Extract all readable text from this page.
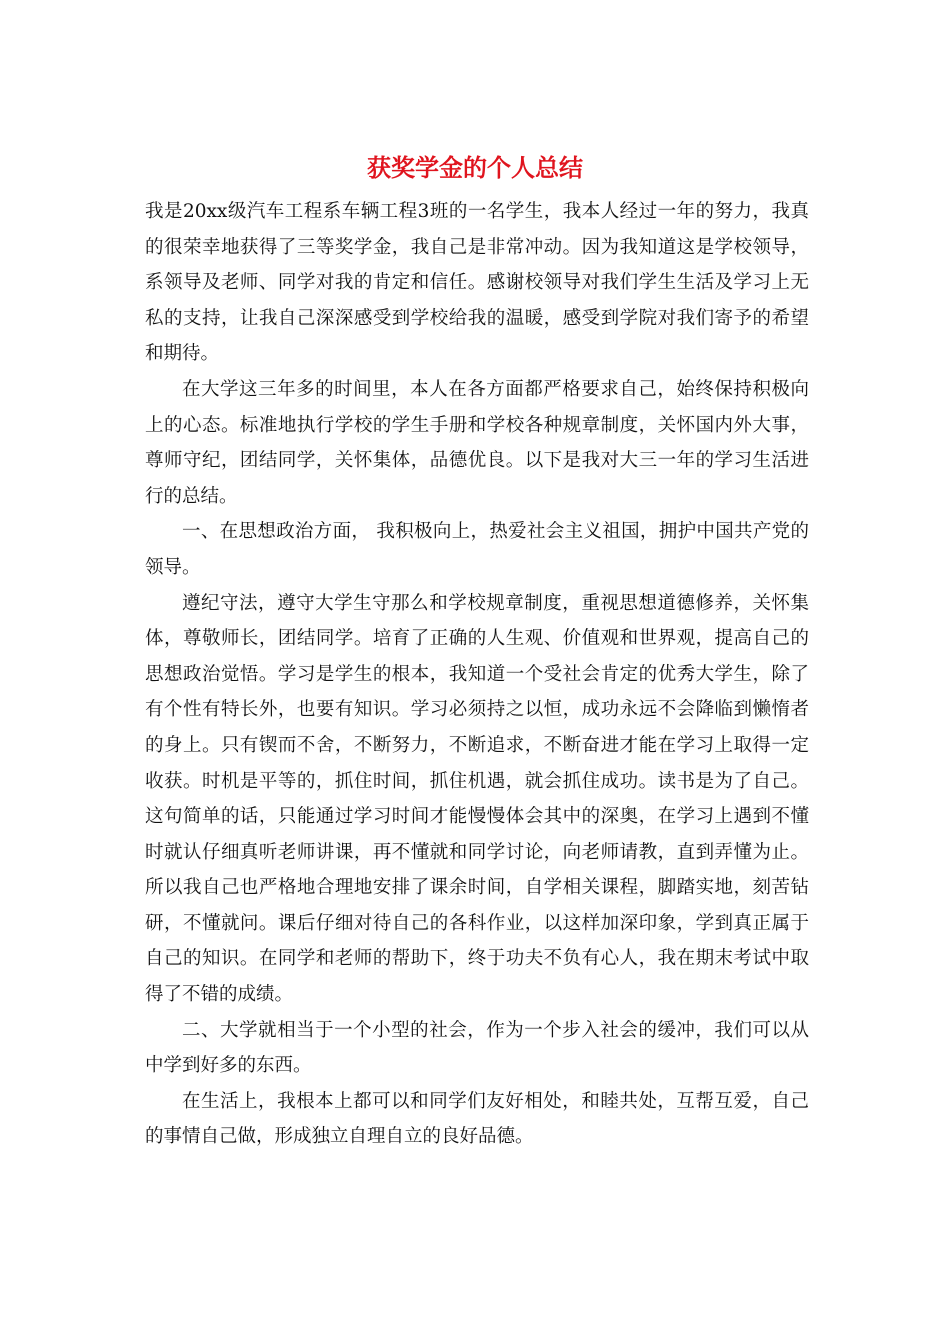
获奖学金的个人总结

我是20xx级汽车工程系车辆工程3班的一名学生，我本人经过一年的努力，我真的很荣幸地获得了三等奖学金，我自己是非常冲动。因为我知道这是学校领导，系领导及老师、同学对我的肯定和信任。感谢校领导对我们学生生活及学习上无私的支持，让我自己深深感受到学校给我的温暖，感受到学院对我们寄予的希望和期待。

在大学这三年多的时间里，本人在各方面都严格要求自己，始终保持积极向上的心态。标准地执行学校的学生手册和学校各种规章制度，关怀国内外大事，尊师守纪，团结同学，关怀集体，品德优良。以下是我对大三一年的学习生活进行的总结。

一、在思想政治方面， 我积极向上，热爱社会主义祖国，拥护中国共产党的领导。

遵纪守法，遵守大学生守那么和学校规章制度，重视思想道德修养，关怀集体，尊敬师长，团结同学。培育了正确的人生观、价值观和世界观，提高自己的思想政治觉悟。学习是学生的根本，我知道一个受社会肯定的优秀大学生，除了有个性有特长外，也要有知识。学习必须持之以恒，成功永远不会降临到懒惰者的身上。只有锲而不舍，不断努力，不断追求，不断奋进才能在学习上取得一定收获。时机是平等的，抓住时间，抓住机遇，就会抓住成功。读书是为了自己。这句简单的话，只能通过学习时间才能慢慢体会其中的深奥，在学习上遇到不懂时就认仔细真听老师讲课，再不懂就和同学讨论，向老师请教，直到弄懂为止。所以我自己也严格地合理地安排了课余时间，自学相关课程，脚踏实地，刻苦钻研，不懂就问。课后仔细对待自己的各科作业，以这样加深印象，学到真正属于自己的知识。在同学和老师的帮助下，终于功夫不负有心人，我在期末考试中取得了不错的成绩。

二、大学就相当于一个小型的社会，作为一个步入社会的缓冲，我们可以从中学到好多的东西。

在生活上，我根本上都可以和同学们友好相处，和睦共处，互帮互爱，自己的事情自己做，形成独立自理自立的良好品德。
